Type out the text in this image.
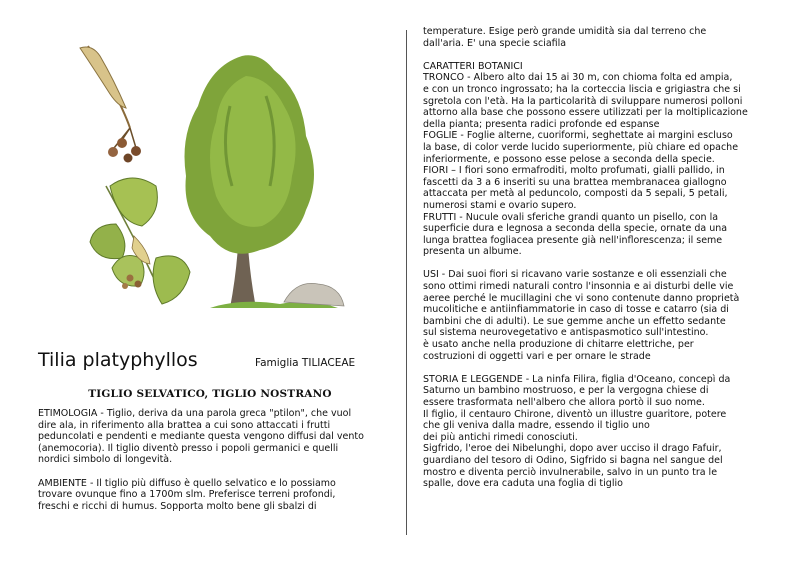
Tilia platyphyllos	Famiglia TILIACEAE
TIGLIO SELVATICO, TIGLIO NOSTRANO

ETIMOLOGIA - Tiglio, deriva da una parola greca "ptilon", che vuol
dire ala, in riferimento alla brattea a cui sono attaccati i frutti
peduncolati e pendenti e mediante questa vengono diffusi dal vento
(anemocoria). Il tiglio diventò presso i popoli germanici e quelli
nordici simbolo di longevità.

AMBIENTE - Il tiglio più diffuso è quello selvatico e lo possiamo
trovare ovunque fino a 1700m slm. Preferisce terreni profondi,
freschi e ricchi di humus. Sopporta molto bene gli sbalzi di

temperature. Esige però grande umidità sia dal terreno che
dall'aria. E' una specie sciafila

CARATTERI BOTANICI
TRONCO - Albero alto dai 15 ai 30 m, con chioma folta ed ampia,
e con un tronco ingrossato; ha la corteccia liscia e grigiastra che si
sgretola con l'età. Ha la particolarità di sviluppare numerosi polloni
attorno alla base che possono essere utilizzati per la moltiplicazione
della pianta; presenta radici profonde ed espanse
FOGLIE - Foglie alterne, cuoriformi, seghettate ai margini escluso
la base, di color verde lucido superiormente, più chiare ed opache
inferiormente, e possono esse pelose a seconda della specie.
FIORI – I fiori sono ermafroditi, molto profumati, gialli pallido, in
fascetti da 3 a 6 inseriti su una brattea membranacea giallogno
attaccata per metà al peduncolo, composti da 5 sepali, 5 petali,
numerosi stami e ovario supero.
FRUTTI - Nucule ovali sferiche grandi quanto un pisello, con la
superficie dura e legnosa a seconda della specie, ornate da una
lunga brattea fogliacea presente già nell'inflorescenza; il seme
presenta un albume.

USI - Dai suoi fiori si ricavano varie sostanze e oli essenziali che
sono ottimi rimedi naturali contro l'insonnia e ai disturbi delle vie
aeree perché le mucillagini che vi sono contenute danno proprietà
mucolitiche e antiinfiammatorie in caso di tosse e catarro (sia di
bambini che di adulti). Le sue gemme anche un effetto sedante
sul sistema neurovegetativo e antispasmotico sull'intestino.
è usato anche nella produzione di chitarre elettriche, per
costruzioni di oggetti vari e per ornare le strade

STORIA E LEGGENDE - La ninfa Filira, figlia d'Oceano, concepì da
Saturno un bambino mostruoso, e per la vergogna chiese di
essere trasformata nell'albero che allora portò il suo nome.
Il figlio, il centauro Chirone, diventò un illustre guaritore, potere
che gli veniva dalla madre, essendo il tiglio uno
dei più antichi rimedi conosciuti.
Sigfrido, l'eroe dei Nibelunghi, dopo aver ucciso il drago Fafuir,
guardiano del tesoro di Odino, Sigfrido si bagna nel sangue del
mostro e diventa perciò invulnerabile, salvo in un punto tra le
spalle, dove era caduta una foglia di tiglio
